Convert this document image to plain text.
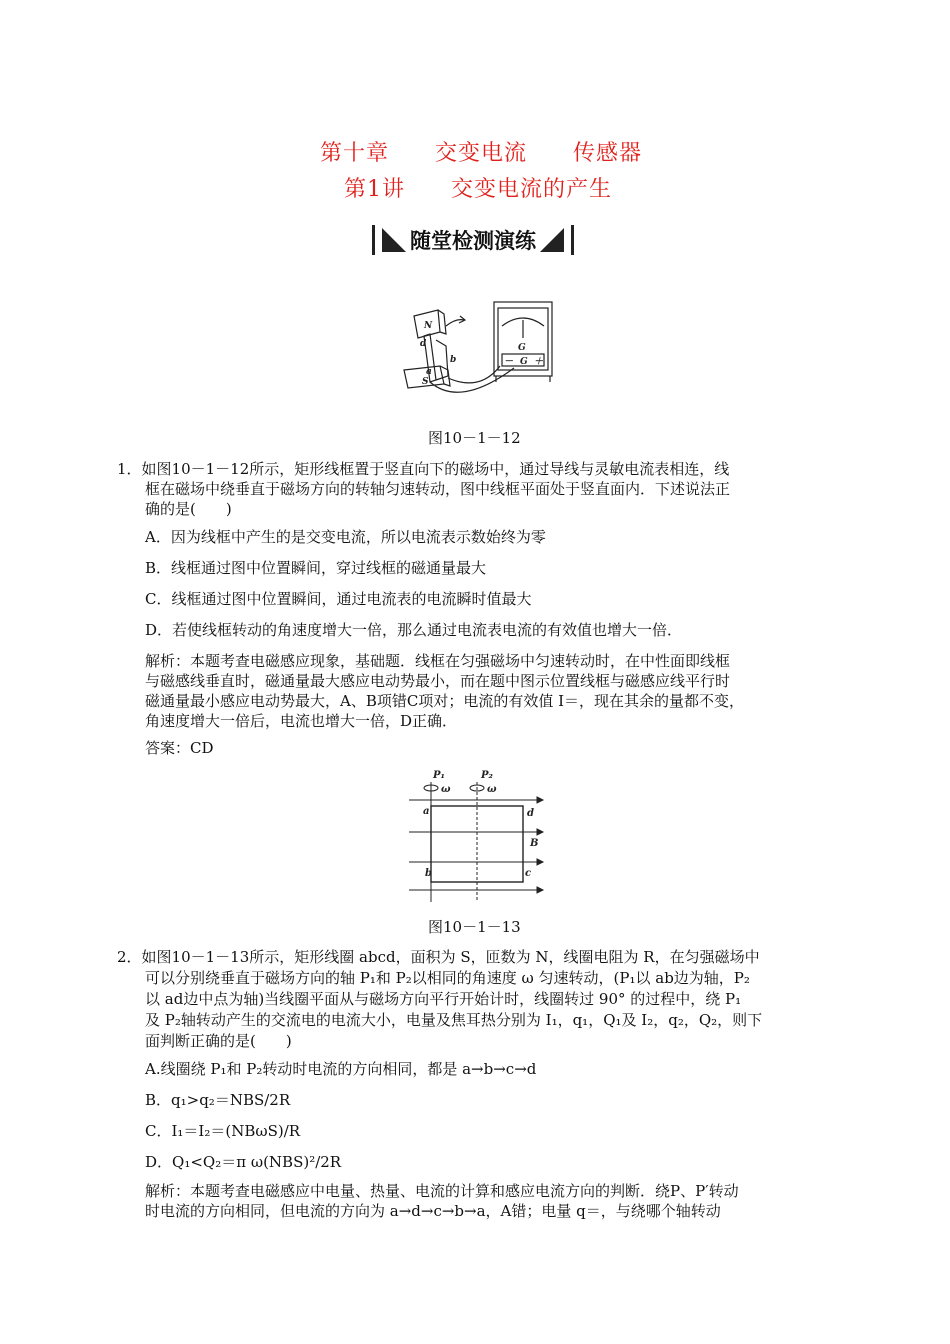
第十章　　交变电流　　传感器
第1讲　　交变电流的产生
随堂检测演练
N
S
d
a
b
G
－ G ＋
图10－1－12
1．如图10－1－12所示，矩形线框置于竖直向下的磁场中，通过导线与灵敏电流表相连，线
框在磁场中绕垂直于磁场方向的转轴匀速转动，图中线框平面处于竖直面内．下述说法正
确的是(　　)
A．因为线框中产生的是交变电流，所以电流表示数始终为零
B．线框通过图中位置瞬间，穿过线框的磁通量最大
C．线框通过图中位置瞬间，通过电流表的电流瞬时值最大
D．若使线框转动的角速度增大一倍，那么通过电流表电流的有效值也增大一倍．
解析：本题考查电磁感应现象，基础题．线框在匀强磁场中匀速转动时，在中性面即线框
与磁感线垂直时，磁通量最大感应电动势最小，而在题中图示位置线框与磁感应线平行时
磁通量最小感应电动势最大，A、B项错C项对；电流的有效值 I＝，现在其余的量都不变，
角速度增大一倍后，电流也增大一倍，D正确．
答案：CD
P₁	P₂
ω	ω
a
b	c
d
B
图10－1－13
2．如图10－1－13所示，矩形线圈 abcd，面积为 S，匝数为 N，线圈电阻为 R，在匀强磁场中
可以分别绕垂直于磁场方向的轴 P₁和 P₂以相同的角速度 ω 匀速转动，(P₁以 ab边为轴，P₂
以 ad边中点为轴)当线圈平面从与磁场方向平行开始计时，线圈转过 90° 的过程中，绕 P₁
及 P₂轴转动产生的交流电的电流大小，电量及焦耳热分别为 I₁，q₁，Q₁及 I₂，q₂，Q₂，则下
面判断正确的是(　　)
A.线圈绕 P₁和 P₂转动时电流的方向相同，都是 a→b→c→d
B．q₁>q₂＝NBS/2R
C．I₁＝I₂＝(NBωS)/R
D．Q₁<Q₂＝π ω(NBS)²/2R
解析：本题考查电磁感应中电量、热量、电流的计算和感应电流方向的判断．绕P、P′转动
时电流的方向相同，但电流的方向为 a→d→c→b→a，A错；电量 q＝，与绕哪个轴转动
